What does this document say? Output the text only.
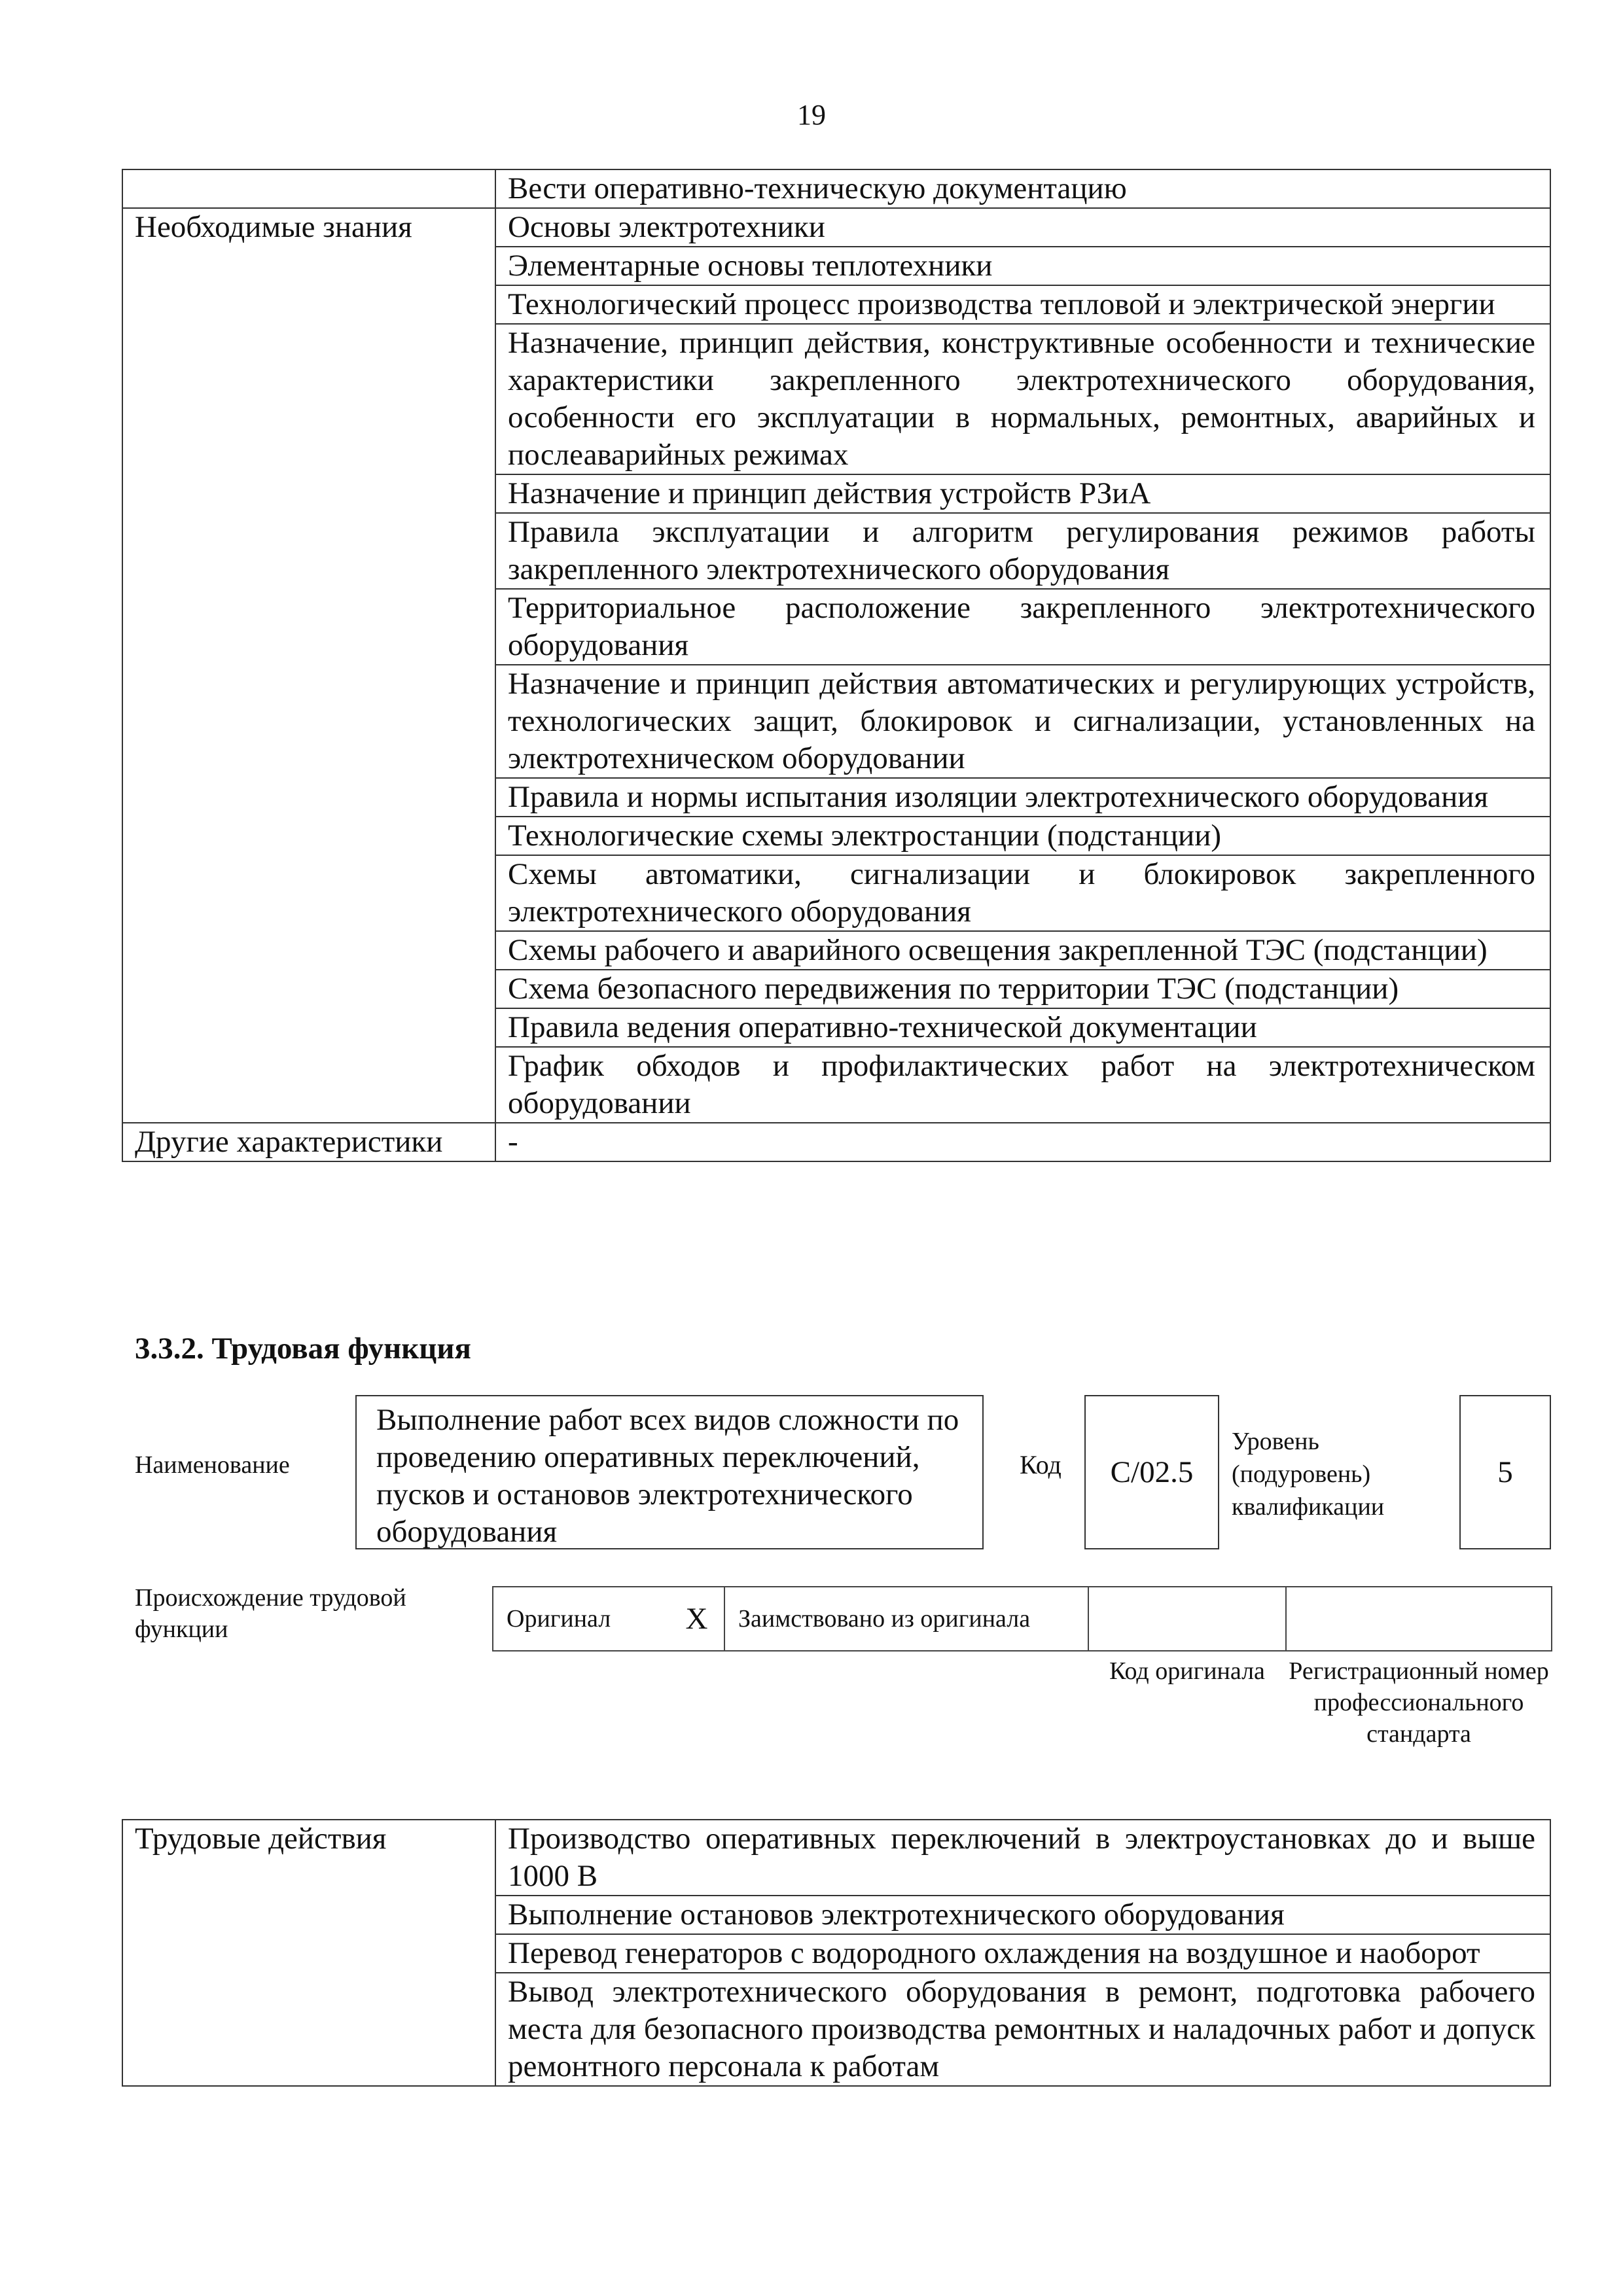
19
	Вести оперативно-техническую документацию
Необходимые знания	Основы электротехники
	Элементарные основы теплотехники
	Технологический процесс производства тепловой и электрической энергии
	Назначение, принцип действия, конструктивные особенности и технические характеристики закрепленного электротехнического оборудования, особенности его эксплуатации в нормальных, ремонтных, аварийных и послеаварийных режимах
	Назначение и принцип действия устройств РЗиА
	Правила эксплуатации и алгоритм регулирования режимов работы закрепленного электротехнического оборудования
	Территориальное расположение закрепленного электротехнического оборудования
	Назначение и принцип действия автоматических и регулирующих устройств, технологических защит, блокировок и сигнализации, установленных на электротехническом оборудовании
	Правила и нормы испытания изоляции электротехнического оборудования
	Технологические схемы электростанции (подстанции)
	Схемы автоматики, сигнализации и блокировок закрепленного электротехнического оборудования
	Схемы рабочего и аварийного освещения закрепленной ТЭС (подстанции)
	Схема безопасного передвижения по территории ТЭС (подстанции)
	Правила ведения оперативно-технической документации
	График обходов и профилактических работ на электротехническом оборудовании
Другие характеристики	-
3.3.2. Трудовая функция
Наименование
Выполнение работ всех видов сложности по проведению оперативных переключений, пусков и остановов электротехнического оборудования
Код	C/02.5
Уровень (подуровень) квалификации
5
Происхождение трудовой функции	Оригинал	X	Заимствовано из оригинала		
Код оригинала Регистрационный номер профессионального стандарта
Трудовые действия	Производство оперативных переключений в электроустановках до и выше 1000 В
Выполнение остановов электротехнического оборудования
Перевод генераторов с водородного охлаждения на воздушное и наоборот
Вывод электротехнического оборудования в ремонт, подготовка рабочего места для безопасного производства ремонтных и наладочных работ и допуск ремонтного персонала к работам
